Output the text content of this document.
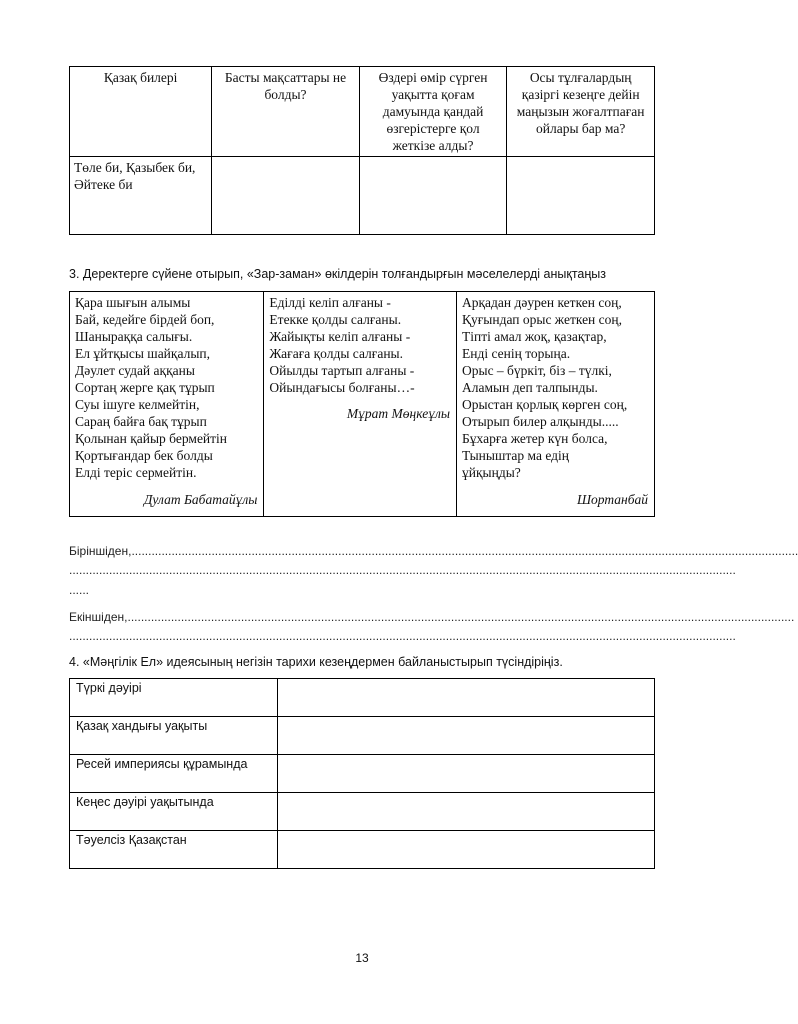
Қазақ билері	Басты мақсаттары не болды?	Өздері өмір сүрген уақытта қоғам дамуында қандай өзгерістерге қол жеткізе алды?	Осы тұлғалардың қазіргі кезеңге дейін маңызын жоғалтпаған ойлары бар ма?
Төле би, Қазыбек би, Әйтеке би			
3. Деректерге сүйене отырып, «Зар-заман» өкілдерін толғандырғын мәселелерді анықтаңыз
Қара шығын алымы
Бай, кедейге бірдей боп,
Шаныраққа салығы.
Ел ұйтқысы шайқалып,
Дәулет судай аққаны
Сортаң жерге қақ тұрып
Суы ішуге келмейтін,
Сараң байға бақ тұрып
Қолынан қайыр бермейтін
Қортығандар бек болды
Елді теріс сермейтін.
Дулат Бабатайұлы

Еділді келіп алғаны -
Етекке қолды салғаны.
Жайықты келіп алғаны -
Жағаға қолды салғаны.
Ойылды тартып алғаны -
Ойындағысы болғаны…-
Мұрат Мөңкеұлы

Арқадан дәурен кеткен соң,
Қуғындап орыс жеткен соң,
Тіпті амал жоқ, қазақтар,
Енді сенің торыңа.
Орыс – бүркіт, біз – түлкі,
Аламын деп талпынды.
Орыстан қорлық көрген соң,
Отырып билер алқынды.....
Бұхарға жетер күн болса,
Тыныштар ма едің
ұйқыңды?
Шортанбай
Біріншіден,........................................................................................................................................................................................................
........................................................................................................................................................................................................
......
Екіншіден,........................................................................................................................................................................................................
........................................................................................................................................................................................................
4. «Мәңгілік Ел» идеясының негізін тарихи кезеңдермен байланыстырып түсіндіріңіз.
Түркі дәуірі	
Қазақ хандығы уақыты	
Ресей империясы құрамында	
Кеңес дәуірі уақытында	
Тәуелсіз Қазақстан	
13
